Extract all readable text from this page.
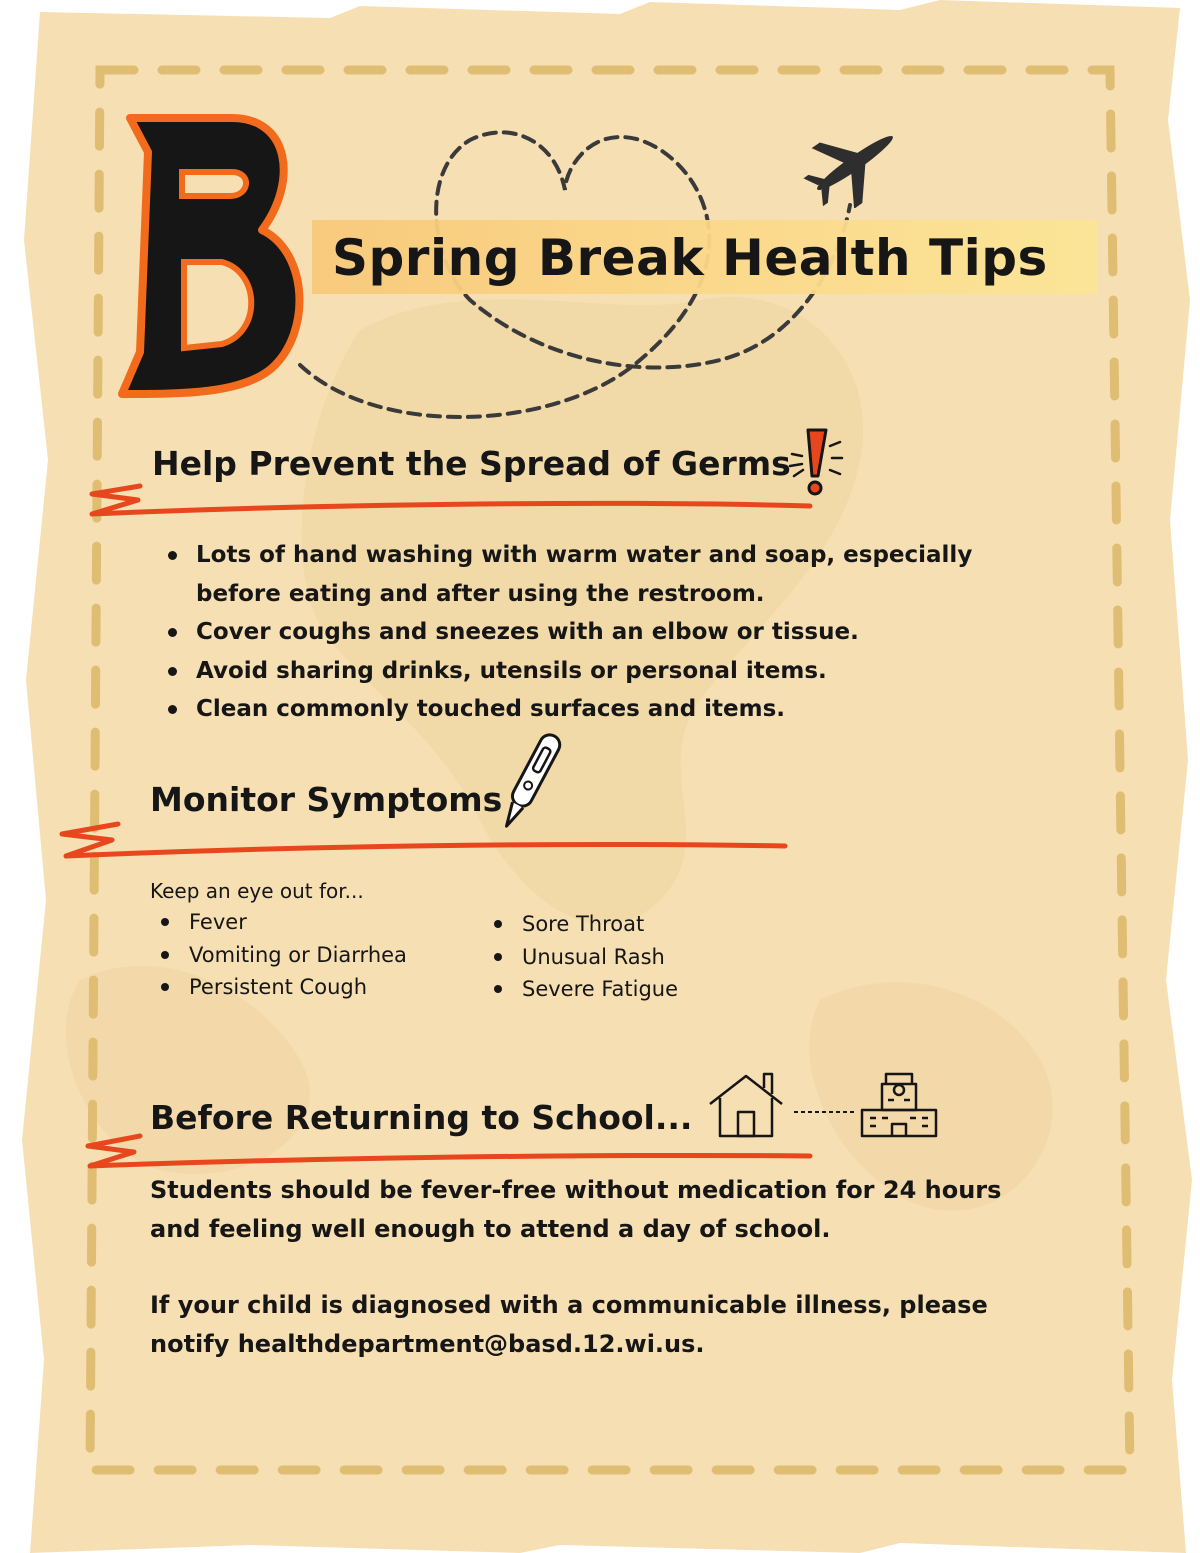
Spring Break Health Tips
Help Prevent the Spread of Germs
Lots of hand washing with warm water and soap, especially before eating and after using the restroom.
Cover coughs and sneezes with an elbow or tissue.
Avoid sharing drinks, utensils or personal items.
Clean commonly touched surfaces and items.
Monitor Symptoms
Keep an eye out for...
Fever
Vomiting or Diarrhea
Persistent Cough
Sore Throat
Unusual Rash
Severe Fatigue
Before Returning to School...
Students should be fever-free without medication for 24 hours and feeling well enough to attend a day of school.
If your child is diagnosed with a communicable illness, please notify healthdepartment@basd.12.wi.us.
